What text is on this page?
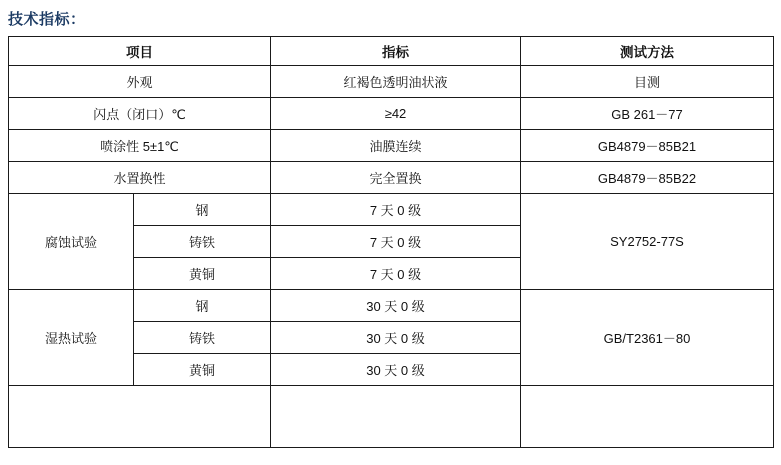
技术指标：
项目		指标	测试方法
外观		红褐色透明油状液	目测
闪点（闭口）℃		≥42	GB 261－77
喷涂性 5±1℃		油膜连续	GB4879－85B21
水置换性		完全置换	GB4879－85B22
腐蚀试验	钢	7 天 0 级	SY2752-77S
	铸铁	7 天 0 级	
	黄铜	7 天 0 级	
湿热试验	钢	30 天 0 级	GB/T2361－80
	铸铁	30 天 0 级	
	黄铜	30 天 0 级	
